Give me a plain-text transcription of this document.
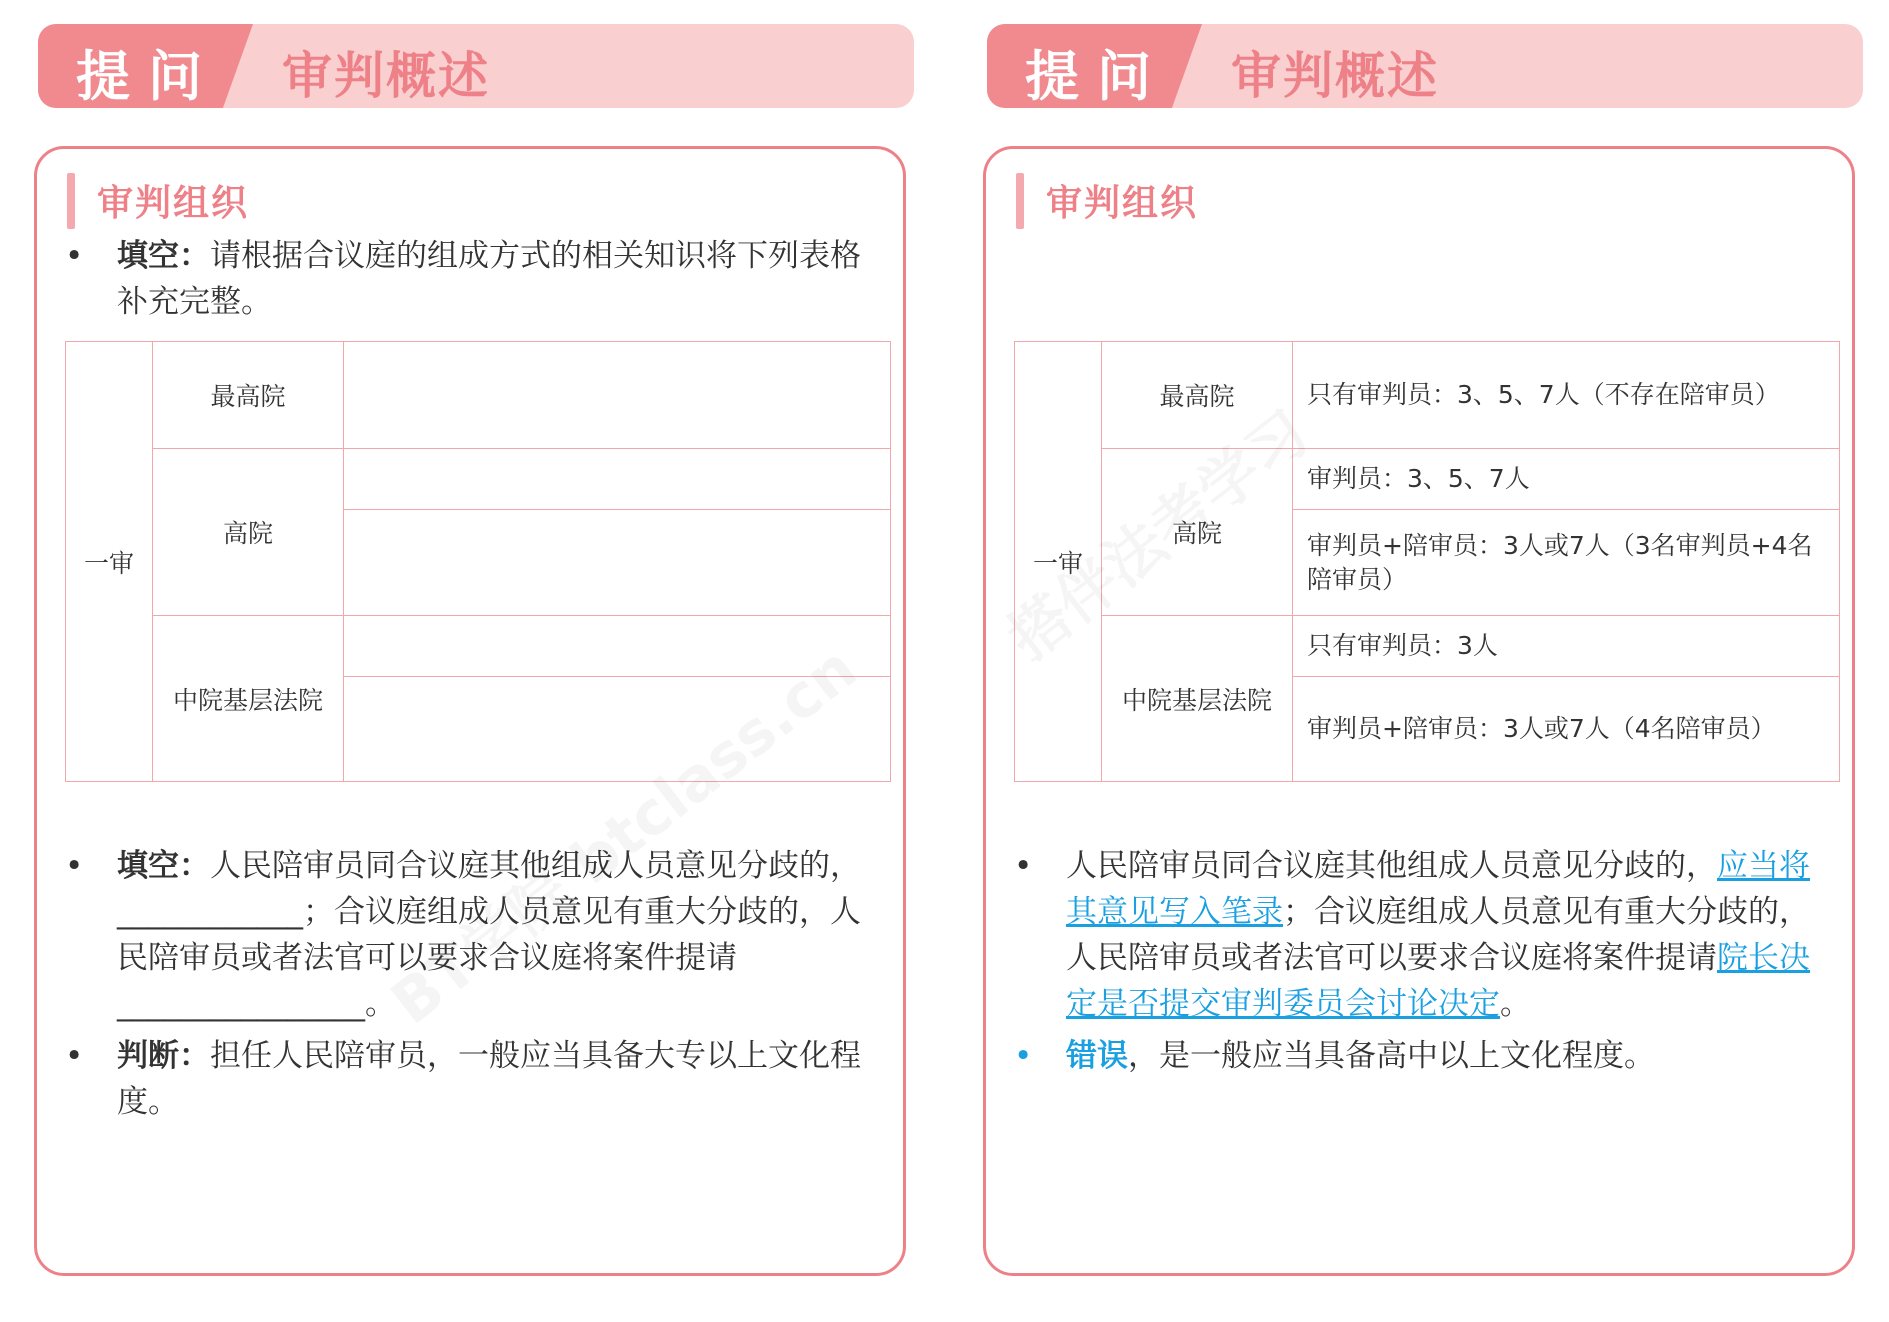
提问 审判概述
审判组织
•	填空：请根据合议庭的组成方式的相关知识将下列表格补充完整。
一审	最高院	
	高院	

	中院基层法院	

•	填空：人民陪审员同合议庭其他组成人员意见分歧的，____________；合议庭组成人员意见有重大分歧的，人民陪审员或者法官可以要求合议庭将案件提请________________。
•	判断：担任人民陪审员，一般应当具备大专以上文化程度。
提问 审判概述
审判组织
一审	最高院	只有审判员：3、5、7人（不存在陪审员）
	高院	审判员：3、5、7人
		审判员+陪审员：3人或7人（3名审判员+4名陪审员）
	中院基层法院	只有审判员：3人
		审判员+陪审员：3人或7人（4名陪审员）
•	人民陪审员同合议庭其他组成人员意见分歧的，应当将其意见写入笔录；合议庭组成人员意见有重大分歧的，人民陪审员或者法官可以要求合议庭将案件提请院长决定是否提交审判委员会讨论决定。
•	错误，是一般应当具备高中以上文化程度。
